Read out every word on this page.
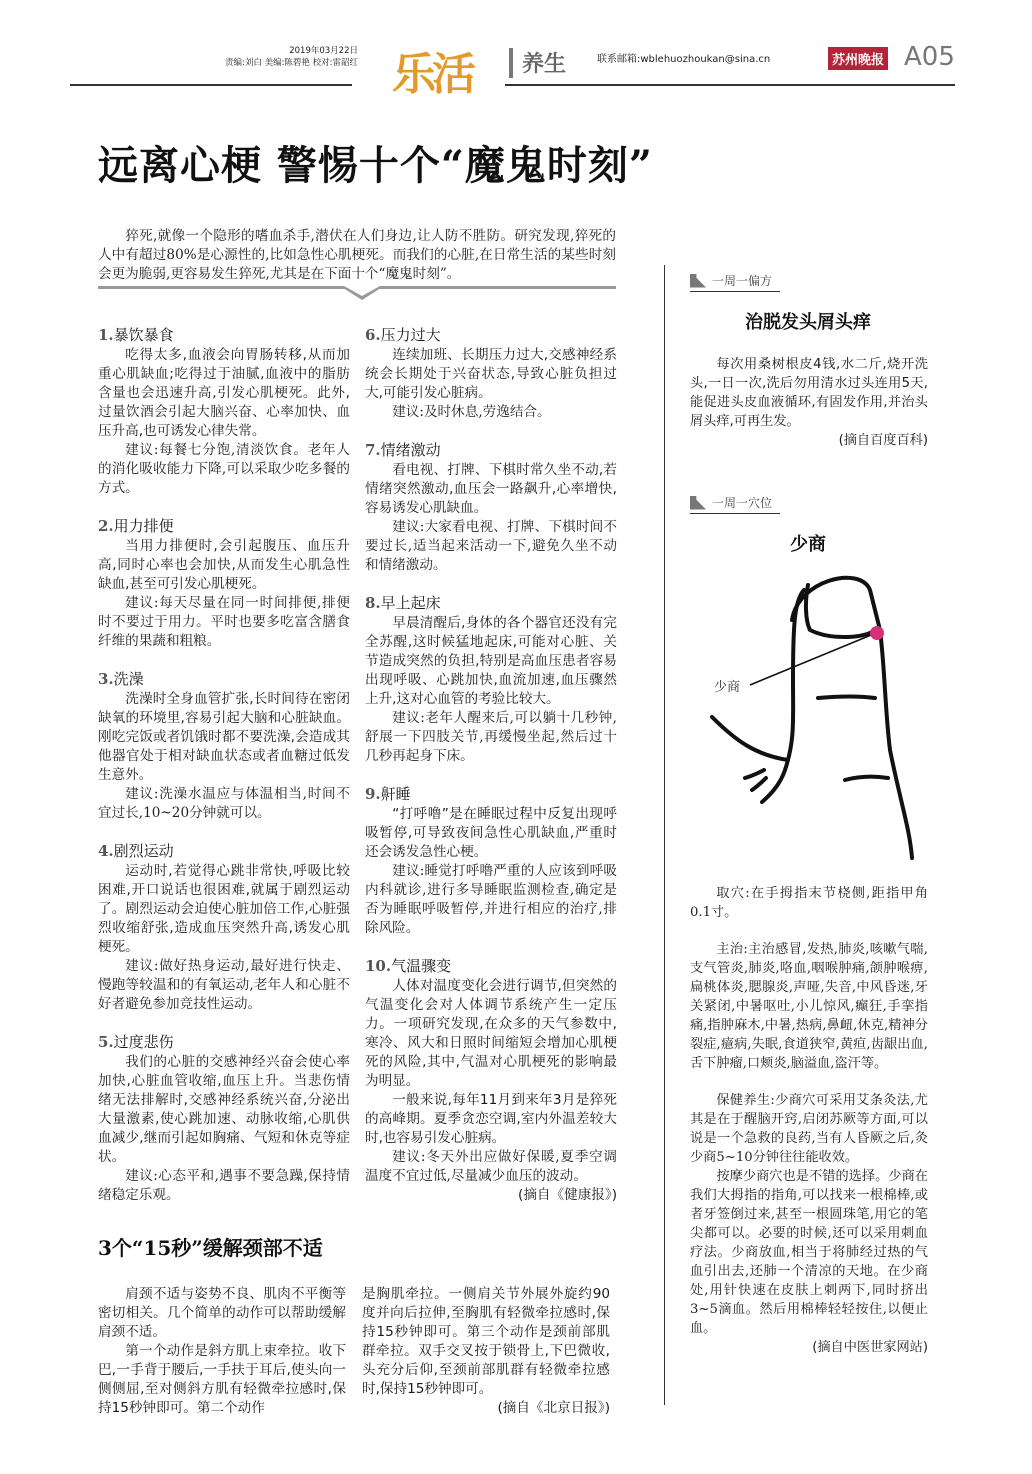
2019年03月22日
责编:刘白 美编:陈碧艳 校对:雷韶红 乐活 养生	联系邮箱:wblehuozhoukan@sina.cn	苏州晚报 A05
远离心梗 警惕十个“魔鬼时刻”

猝死,就像一个隐形的嗜血杀手,潜伏在人们身边,让人防不胜防。研究发现,猝死的人中有超过80%是心源性的,比如急性心肌梗死。而我们的心脏,在日常生活的某些时刻会更为脆弱,更容易发生猝死,尤其是在下面十个“魔鬼时刻”。

1.暴饮暴食

吃得太多,血液会向胃肠转移,从而加重心肌缺血;吃得过于油腻,血液中的脂肪含量也会迅速升高,引发心肌梗死。此外,过量饮酒会引起大脑兴奋、心率加快、血压升高,也可诱发心律失常。

建议:每餐七分饱,清淡饮食。老年人的消化吸收能力下降,可以采取少吃多餐的方式。

2.用力排便

当用力排便时,会引起腹压、血压升高,同时心率也会加快,从而发生心肌急性缺血,甚至可引发心肌梗死。

建议:每天尽量在同一时间排便,排便时不要过于用力。平时也要多吃富含膳食纤维的果蔬和粗粮。

3.洗澡

洗澡时全身血管扩张,长时间待在密闭缺氧的环境里,容易引起大脑和心脏缺血。刚吃完饭或者饥饿时都不要洗澡,会造成其他器官处于相对缺血状态或者血糖过低发生意外。

建议:洗澡水温应与体温相当,时间不宜过长,10~20分钟就可以。

4.剧烈运动

运动时,若觉得心跳非常快,呼吸比较困难,开口说话也很困难,就属于剧烈运动了。剧烈运动会迫使心脏加倍工作,心脏强烈收缩舒张,造成血压突然升高,诱发心肌梗死。

建议:做好热身运动,最好进行快走、慢跑等较温和的有氧运动,老年人和心脏不好者避免参加竞技性运动。

5.过度悲伤

我们的心脏的交感神经兴奋会使心率加快,心脏血管收缩,血压上升。当悲伤情绪无法排解时,交感神经系统兴奋,分泌出大量激素,使心跳加速、动脉收缩,心肌供血减少,继而引起如胸痛、气短和休克等症状。

建议:心态平和,遇事不要急躁,保持情绪稳定乐观。

6.压力过大

连续加班、长期压力过大,交感神经系统会长期处于兴奋状态,导致心脏负担过大,可能引发心脏病。

建议:及时休息,劳逸结合。

7.情绪激动

看电视、打牌、下棋时常久坐不动,若情绪突然激动,血压会一路飙升,心率增快,容易诱发心肌缺血。

建议:大家看电视、打牌、下棋时间不要过长,适当起来活动一下,避免久坐不动和情绪激动。

8.早上起床

早晨清醒后,身体的各个器官还没有完全苏醒,这时候猛地起床,可能对心脏、关节造成突然的负担,特别是高血压患者容易出现呼吸、心跳加快,血流加速,血压骤然上升,这对心血管的考验比较大。

建议:老年人醒来后,可以躺十几秒钟,舒展一下四肢关节,再缓慢坐起,然后过十几秒再起身下床。

9.鼾睡

“打呼噜”是在睡眠过程中反复出现呼吸暂停,可导致夜间急性心肌缺血,严重时还会诱发急性心梗。

建议:睡觉打呼噜严重的人应该到呼吸内科就诊,进行多导睡眠监测检查,确定是否为睡眠呼吸暂停,并进行相应的治疗,排除风险。

10.气温骤变

人体对温度变化会进行调节,但突然的气温变化会对人体调节系统产生一定压力。一项研究发现,在众多的天气参数中,寒冷、风大和日照时间缩短会增加心肌梗死的风险,其中,气温对心肌梗死的影响最为明显。

一般来说,每年11月到来年3月是猝死的高峰期。夏季贪恋空调,室内外温差较大时,也容易引发心脏病。

建议:冬天外出应做好保暖,夏季空调温度不宜过低,尽量减少血压的波动。

(摘自《健康报》)

3个“15秒”缓解颈部不适

肩颈不适与姿势不良、肌肉不平衡等密切相关。几个简单的动作可以帮助缓解肩颈不适。

第一个动作是斜方肌上束牵拉。收下巴,一手背于腰后,一手扶于耳后,使头向一侧侧屈,至对侧斜方肌有轻微牵拉感时,保持15秒钟即可。第二个动作

是胸肌牵拉。一侧肩关节外展外旋约90度并向后拉伸,至胸肌有轻微牵拉感时,保持15秒钟即可。第三个动作是颈前部肌群牵拉。双手交叉按于锁骨上,下巴微收,头充分后仰,至颈前部肌群有轻微牵拉感时,保持15秒钟即可。

(摘自《北京日报》)

一周一偏方
治脱发头屑头痒

每次用桑树根皮4钱,水二斤,烧开洗头,一日一次,洗后勿用清水过头连用5天,能促进头皮血液循环,有固发作用,并治头屑头痒,可再生发。

(摘自百度百科)

一周一穴位
少商
少商

取穴:在手拇指末节桡侧,距指甲角0.1寸。

主治:主治感冒,发热,肺炎,咳嗽气喘,支气管炎,肺炎,咯血,咽喉肿痛,颌肿喉痹,扁桃体炎,腮腺炎,声哑,失音,中风昏迷,牙关紧闭,中暑呕吐,小儿惊风,癫狂,手挛指痛,指肿麻木,中暑,热病,鼻衄,休克,精神分裂症,癔病,失眠,食道狭窄,黄疸,齿龈出血,舌下肿瘤,口颊炎,脑溢血,盗汗等。

保健养生:少商穴可采用艾条灸法,尤其是在于醒脑开窍,启闭苏厥等方面,可以说是一个急救的良药,当有人昏厥之后,灸少商5~10分钟往往能收效。

按摩少商穴也是不错的选择。少商在我们大拇指的指角,可以找来一根棉棒,或者牙签倒过来,甚至一根圆珠笔,用它的笔尖都可以。必要的时候,还可以采用刺血疗法。少商放血,相当于将肺经过热的气血引出去,还肺一个清凉的天地。在少商处,用针快速在皮肤上刺两下,同时挤出3~5滴血。然后用棉棒轻轻按住,以便止血。

(摘自中医世家网站)
